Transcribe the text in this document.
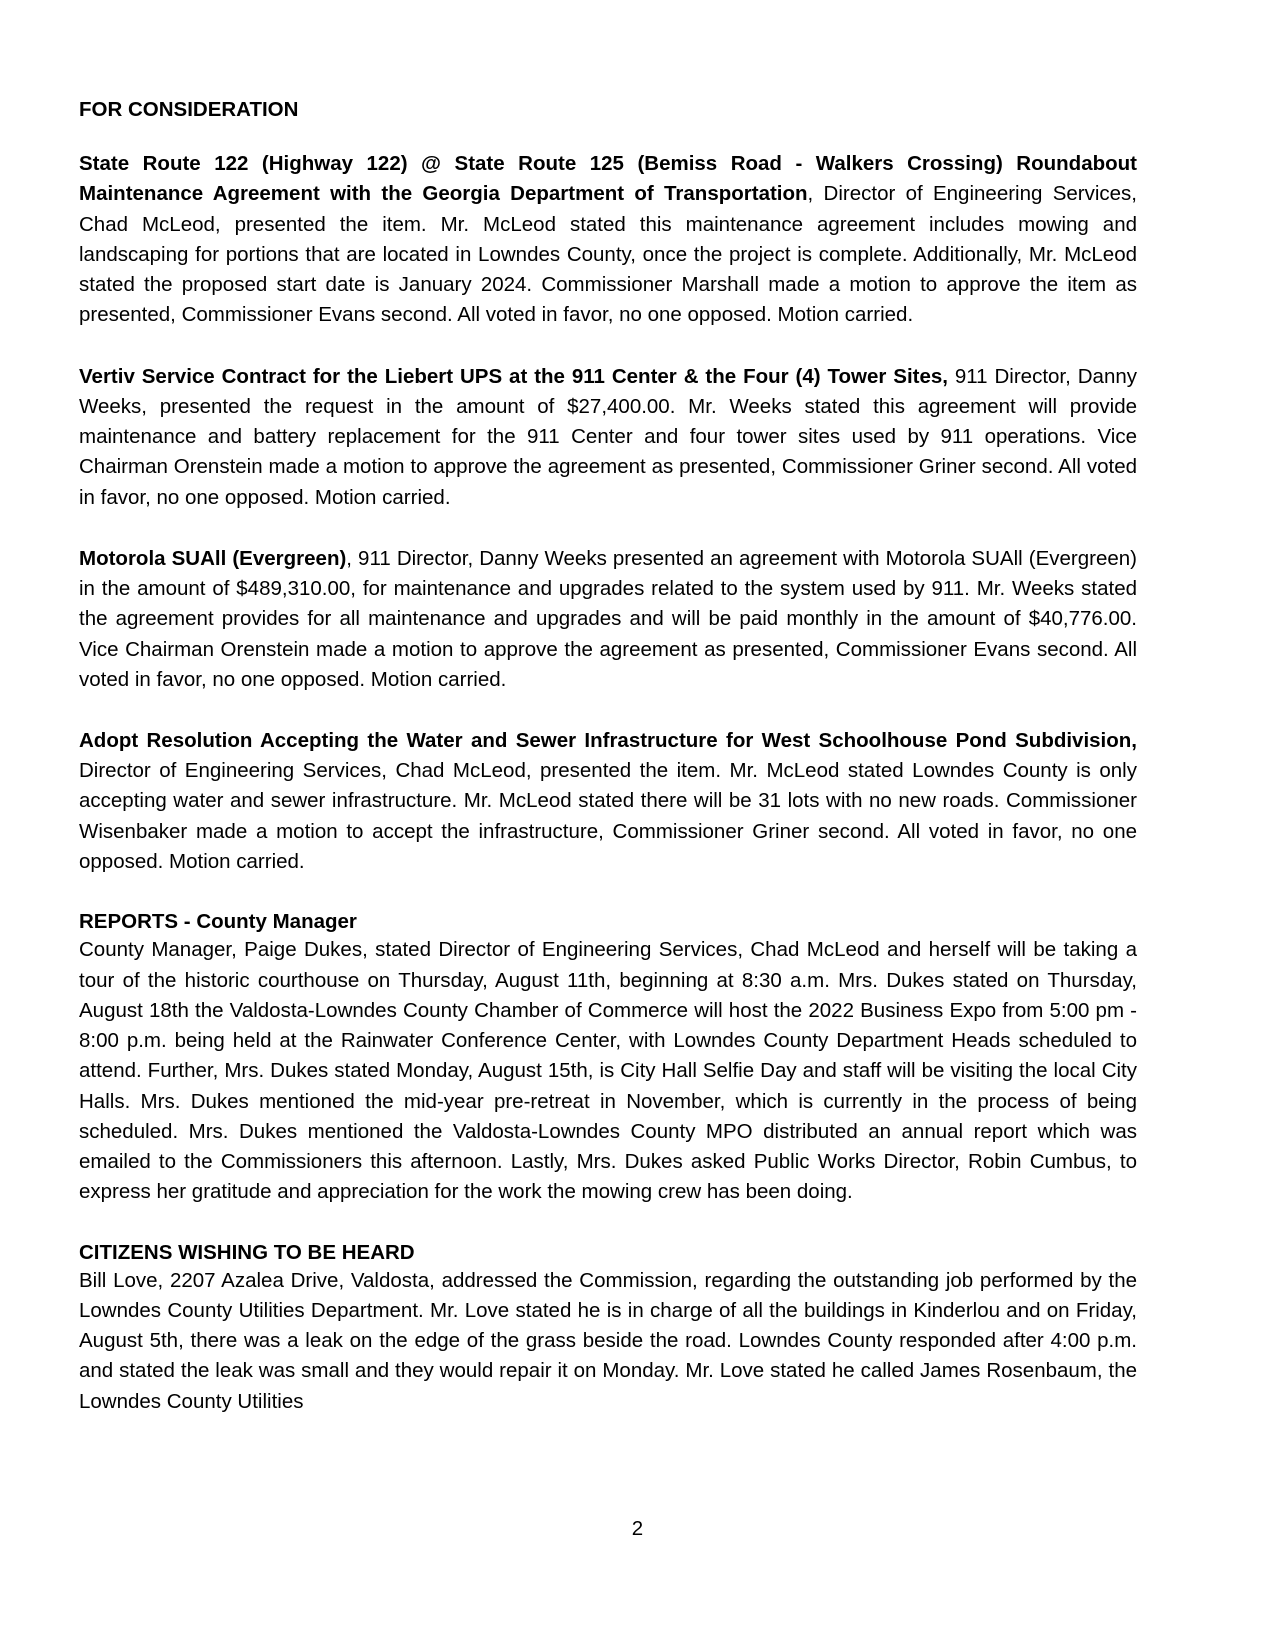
FOR CONSIDERATION

State Route 122 (Highway 122) @ State Route 125 (Bemiss Road - Walkers Crossing) Roundabout Maintenance Agreement with the Georgia Department of Transportation, Director of Engineering Services, Chad McLeod, presented the item. Mr. McLeod stated this maintenance agreement includes mowing and landscaping for portions that are located in Lowndes County, once the project is complete. Additionally, Mr. McLeod stated the proposed start date is January 2024. Commissioner Marshall made a motion to approve the item as presented, Commissioner Evans second. All voted in favor, no one opposed. Motion carried.

Vertiv Service Contract for the Liebert UPS at the 911 Center & the Four (4) Tower Sites, 911 Director, Danny Weeks, presented the request in the amount of $27,400.00. Mr. Weeks stated this agreement will provide maintenance and battery replacement for the 911 Center and four tower sites used by 911 operations. Vice Chairman Orenstein made a motion to approve the agreement as presented, Commissioner Griner second. All voted in favor, no one opposed. Motion carried.

Motorola SUAll (Evergreen), 911 Director, Danny Weeks presented an agreement with Motorola SUAll (Evergreen) in the amount of $489,310.00, for maintenance and upgrades related to the system used by 911. Mr. Weeks stated the agreement provides for all maintenance and upgrades and will be paid monthly in the amount of $40,776.00. Vice Chairman Orenstein made a motion to approve the agreement as presented, Commissioner Evans second. All voted in favor, no one opposed. Motion carried.

Adopt Resolution Accepting the Water and Sewer Infrastructure for West Schoolhouse Pond Subdivision, Director of Engineering Services, Chad McLeod, presented the item. Mr. McLeod stated Lowndes County is only accepting water and sewer infrastructure. Mr. McLeod stated there will be 31 lots with no new roads. Commissioner Wisenbaker made a motion to accept the infrastructure, Commissioner Griner second. All voted in favor, no one opposed. Motion carried.

REPORTS - County Manager

County Manager, Paige Dukes, stated Director of Engineering Services, Chad McLeod and herself will be taking a tour of the historic courthouse on Thursday, August 11th, beginning at 8:30 a.m. Mrs. Dukes stated on Thursday, August 18th the Valdosta-Lowndes County Chamber of Commerce will host the 2022 Business Expo from 5:00 pm - 8:00 p.m. being held at the Rainwater Conference Center, with Lowndes County Department Heads scheduled to attend. Further, Mrs. Dukes stated Monday, August 15th, is City Hall Selfie Day and staff will be visiting the local City Halls. Mrs. Dukes mentioned the mid-year pre-retreat in November, which is currently in the process of being scheduled. Mrs. Dukes mentioned the Valdosta-Lowndes County MPO distributed an annual report which was emailed to the Commissioners this afternoon. Lastly, Mrs. Dukes asked Public Works Director, Robin Cumbus, to express her gratitude and appreciation for the work the mowing crew has been doing.

CITIZENS WISHING TO BE HEARD

Bill Love, 2207 Azalea Drive, Valdosta, addressed the Commission, regarding the outstanding job performed by the Lowndes County Utilities Department. Mr. Love stated he is in charge of all the buildings in Kinderlou and on Friday, August 5th, there was a leak on the edge of the grass beside the road. Lowndes County responded after 4:00 p.m. and stated the leak was small and they would repair it on Monday. Mr. Love stated he called James Rosenbaum, the Lowndes County Utilities

2
